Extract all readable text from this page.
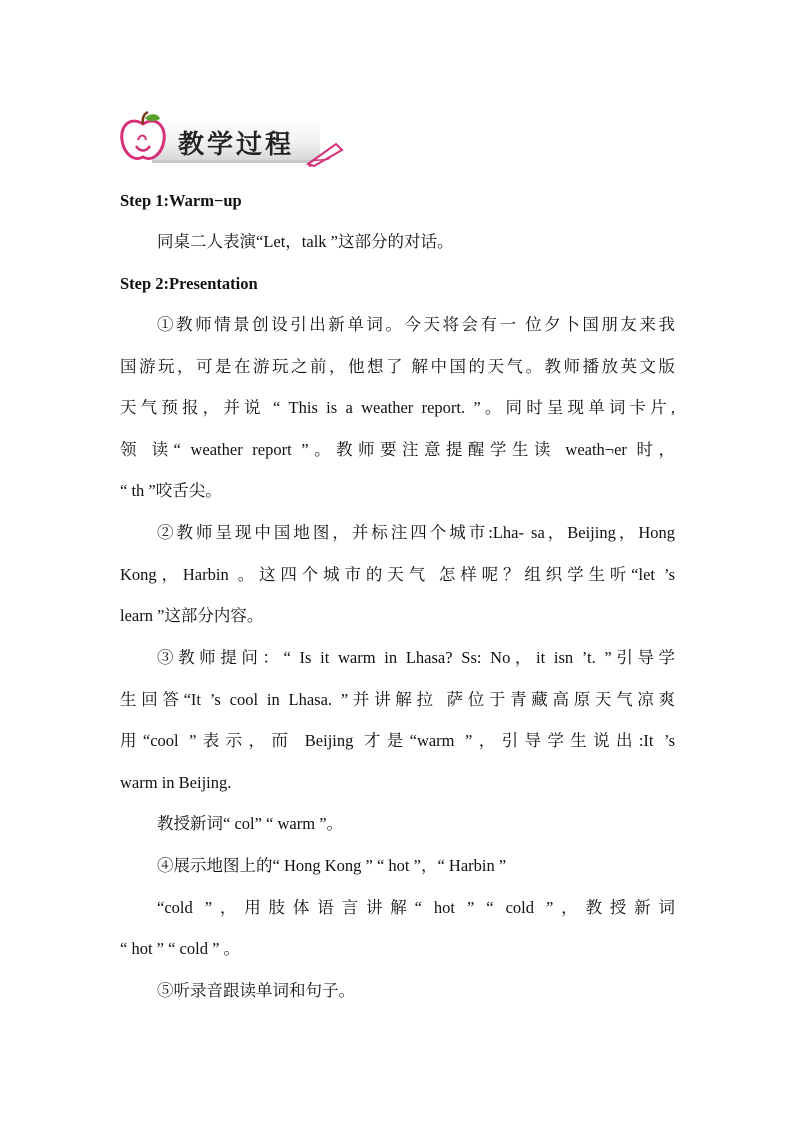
教学过程
Step 1:Warm−up
同桌二人表演“Let，talk ”这部分的对话。
Step 2:Presentation
①教师情景创设引出新单词。今天将会有一 位夕卜国朋友来我
国游玩，可是在游玩之前，他想了 解中国的天气。教师播放英文版
天气预报，并说 “ This is a weather report. ”。同时呈现单词卡片,
领 读“ weather report ”。教师要注意提醒学生读 weath¬er 时，
“ th ”咬舌尖。
②教师呈现中国地图，并标注四个城市:Lha- sa，Beijing，Hong
Kong，Harbin 。这四个城市的天气 怎样呢？组织学生听“let ’s
learn ”这部分内容。
③教师提问：“ Is it warm in Lhasa? Ss: No，it isn ’t. ”引导学
生回答“It ’s cool in Lhasa. ”并讲解拉 萨位于青藏高原天气凉爽
用“cool ”表示，而 Beijing 才是“warm ”，引导学生说出:It ’s
warm in Beijing.
教授新词“ col” “ warm ”。
④展示地图上的“ Hong Kong ” “ hot ”，“ Harbin ”
“cold ”，用肢体语言讲解“ hot ” “ cold ”，教授新词
“ hot ” “ cold ” 。
⑤听录音跟读单词和句子。
